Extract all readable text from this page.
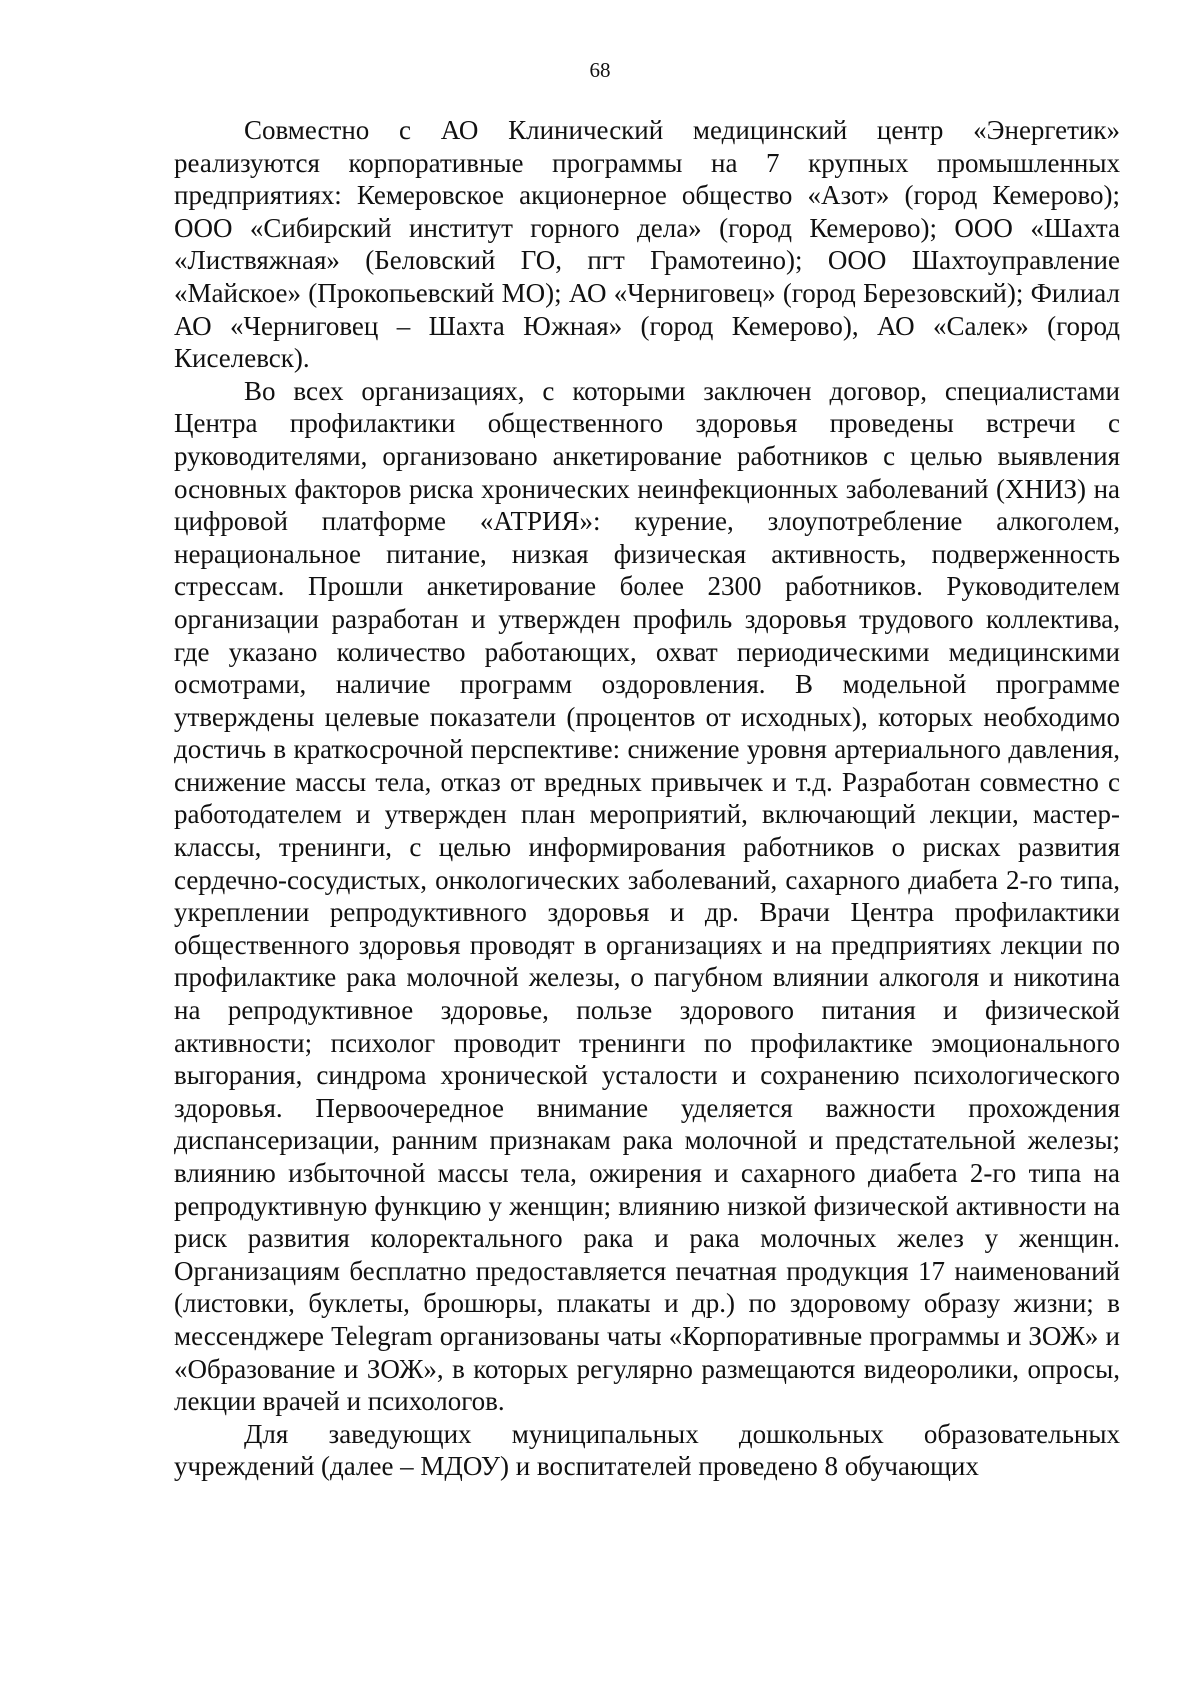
68

Совместно с АО Клинический медицинский центр «Энергетик» реализуются корпоративные программы на 7 крупных промышленных предприятиях: Кемеровское акционерное общество «Азот» (город Кемерово); ООО «Сибирский институт горного дела» (город Кемерово); ООО «Шахта «Листвяжная» (Беловский ГО, пгт Грамотеино); ООО Шахтоуправление «Майское» (Прокопьевский МО); АО «Черниговец» (город Березовский); Филиал АО «Черниговец – Шахта Южная» (город Кемерово), АО «Салек» (город Киселевск).

Во всех организациях, с которыми заключен договор, специалистами Центра профилактики общественного здоровья проведены встречи с руководителями, организовано анкетирование работников с целью выявления основных факторов риска хронических неинфекционных заболеваний (ХНИЗ) на цифровой платформе «АТРИЯ»: курение, злоупотребление алкоголем, нерациональное питание, низкая физическая активность, подверженность стрессам. Прошли анкетирование более 2300 работников. Руководителем организации разработан и утвержден профиль здоровья трудового коллектива, где указано количество работающих, охват периодическими медицинскими осмотрами, наличие программ оздоровления. В модельной программе утверждены целевые показатели (процентов от исходных), которых необходимо достичь в краткосрочной перспективе: снижение уровня артериального давления, снижение массы тела, отказ от вредных привычек и т.д. Разработан совместно с работодателем и утвержден план мероприятий, включающий лекции, мастер-классы, тренинги, с целью информирования работников о рисках развития сердечно-сосудистых, онкологических заболеваний, сахарного диабета 2-го типа, укреплении репродуктивного здоровья и др. Врачи Центра профилактики общественного здоровья проводят в организациях и на предприятиях лекции по профилактике рака молочной железы, о пагубном влиянии алкоголя и никотина на репродуктивное здоровье, пользе здорового питания и физической активности; психолог проводит тренинги по профилактике эмоционального выгорания, синдрома хронической усталости и сохранению психологического здоровья. Первоочередное внимание уделяется важности прохождения диспансеризации, ранним признакам рака молочной и предстательной железы; влиянию избыточной массы тела, ожирения и сахарного диабета 2-го типа на репродуктивную функцию у женщин; влиянию низкой физической активности на риск развития колоректального рака и рака молочных желез у женщин. Организациям бесплатно предоставляется печатная продукция 17 наименований (листовки, буклеты, брошюры, плакаты и др.) по здоровому образу жизни; в мессенджере Telegram организованы чаты «Корпоративные программы и ЗОЖ» и «Образование и ЗОЖ», в которых регулярно размещаются видеоролики, опросы, лекции врачей и психологов.

Для заведующих муниципальных дошкольных образовательных учреждений (далее – МДОУ) и воспитателей проведено 8 обучающих
